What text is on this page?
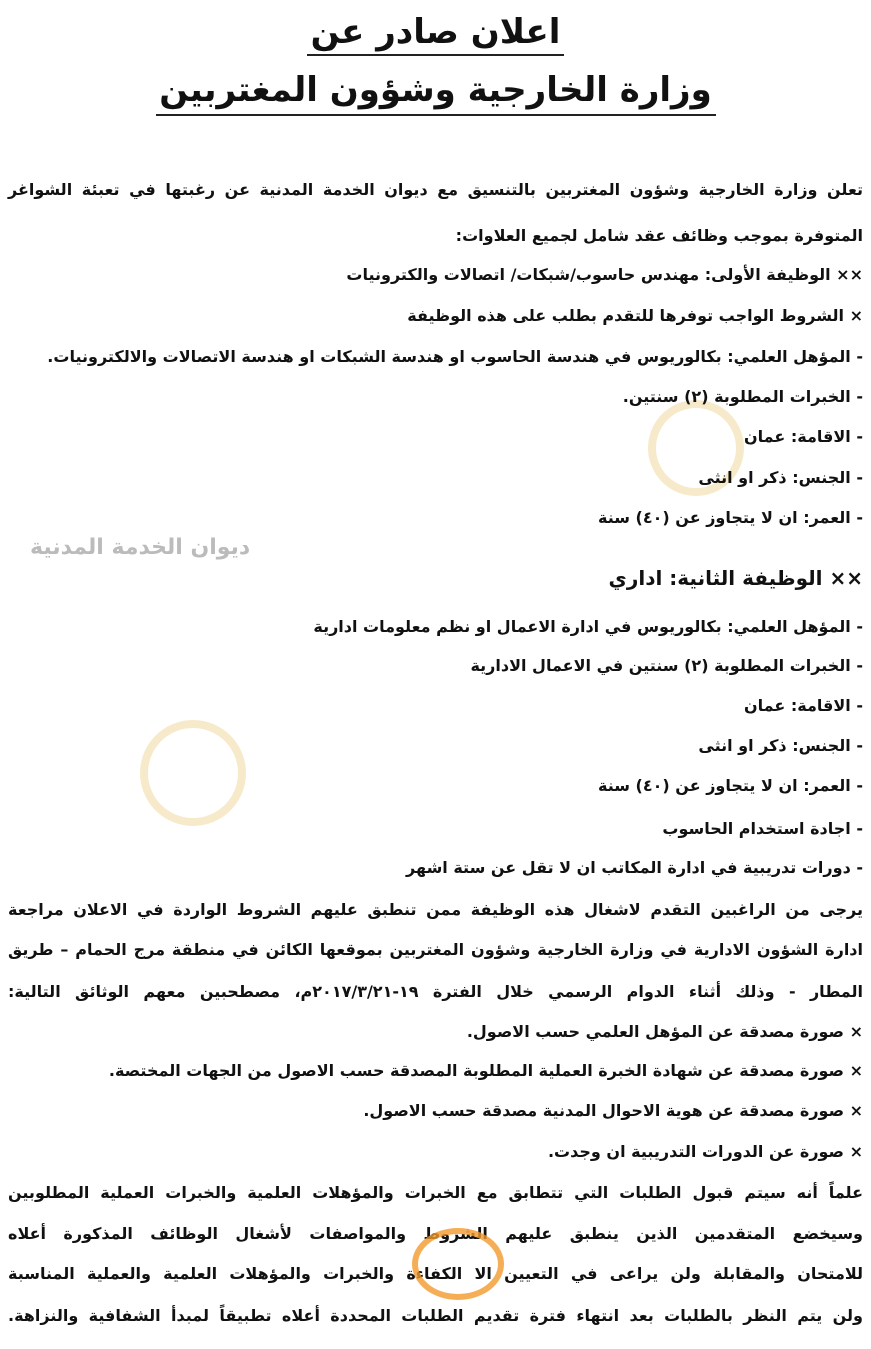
اعلان صادر عن
وزارة الخارجية وشؤون المغتربين
ديوان الخدمة المدنية
تعلن وزارة الخارجية وشؤون المغتربين بالتنسيق مع ديوان الخدمة المدنية عن رغبتها في تعبئة الشواغر
المتوفرة بموجب وظائف عقد شامل لجميع العلاوات:
×× الوظيفة الأولى: مهندس حاسوب/شبكات/ اتصالات والكترونيات
× الشروط الواجب توفرها للتقدم بطلب على هذه الوظيفة
- المؤهل العلمي: بكالوريوس في هندسة الحاسوب او هندسة الشبكات او هندسة الاتصالات والالكترونيات.
- الخبرات المطلوبة (٢) سنتين.
- الاقامة: عمان
- الجنس: ذكر او انثى
- العمر: ان لا يتجاوز عن (٤٠) سنة
×× الوظيفة الثانية: اداري
- المؤهل العلمي: بكالوريوس في ادارة الاعمال او نظم معلومات ادارية
- الخبرات المطلوبة (٢) سنتين في الاعمال الادارية
- الاقامة: عمان
- الجنس: ذكر او انثى
- العمر: ان لا يتجاوز عن (٤٠) سنة
- اجادة استخدام الحاسوب
- دورات تدريبية في ادارة المكاتب ان لا تقل عن ستة اشهر
يرجى من الراغبين التقدم لاشغال هذه الوظيفة ممن تنطبق عليهم الشروط الواردة في الاعلان مراجعة
ادارة الشؤون الادارية في وزارة الخارجية وشؤون المغتربين بموقعها الكائن في منطقة مرج الحمام – طريق
المطار - وذلك أثناء الدوام الرسمي خلال الفترة ١٩-٢٠١٧/٣/٢١م، مصطحبين معهم الوثائق التالية:
× صورة مصدقة عن المؤهل العلمي حسب الاصول.
× صورة مصدقة عن شهادة الخبرة العملية المطلوبة المصدقة حسب الاصول من الجهات المختصة.
× صورة مصدقة عن هوية الاحوال المدنية مصدقة حسب الاصول.
× صورة عن الدورات التدريبية ان وجدت.
علماً أنه سيتم قبول الطلبات التي تتطابق مع الخبرات والمؤهلات العلمية والخبرات العملية المطلوبين
وسيخضع المتقدمين الذين ينطبق عليهم الشروط والمواصفات لأشغال الوظائف المذكورة أعلاه
للامتحان والمقابلة ولن يراعى في التعيين الا الكفاءة والخبرات والمؤهلات العلمية والعملية المناسبة
ولن يتم النظر بالطلبات بعد انتهاء فترة تقديم الطلبات المحددة أعلاه تطبيقاً لمبدأ الشفافية والنزاهة.
